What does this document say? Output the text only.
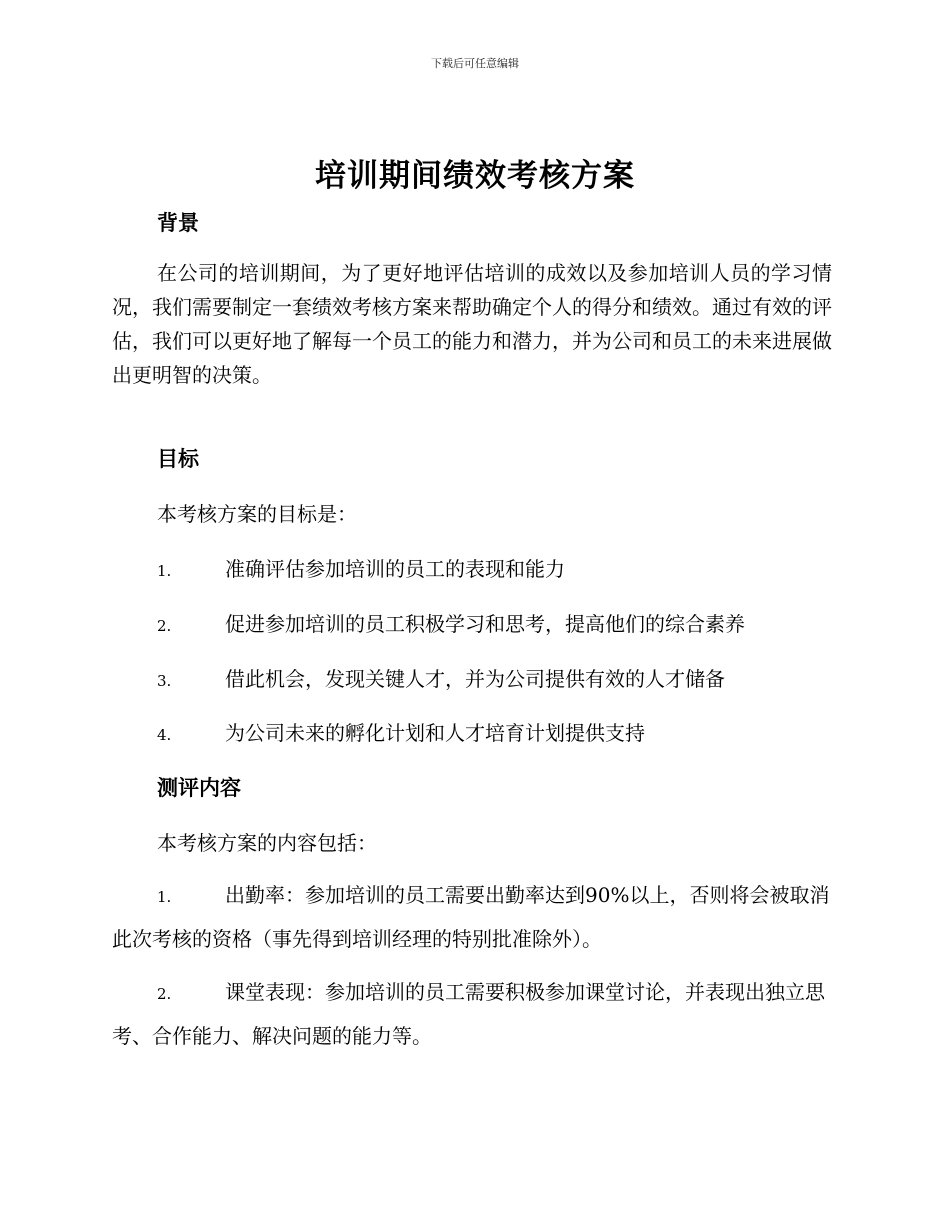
下载后可任意编辑
培训期间绩效考核方案
背景

在公司的培训期间，为了更好地评估培训的成效以及参加培训人员的学习情况，我们需要制定一套绩效考核方案来帮助确定个人的得分和绩效。通过有效的评估，我们可以更好地了解每一个员工的能力和潜力，并为公司和员工的未来进展做出更明智的决策。

目标

本考核方案的目标是：

1.	准确评估参加培训的员工的表现和能力

2.	促进参加培训的员工积极学习和思考，提高他们的综合素养

3.	借此机会，发现关键人才，并为公司提供有效的人才储备

4.	为公司未来的孵化计划和人才培育计划提供支持

测评内容

本考核方案的内容包括：

1.	出勤率：参加培训的员工需要出勤率达到90%以上，否则将会被取消此次考核的资格（事先得到培训经理的特别批准除外）。

2.	课堂表现：参加培训的员工需要积极参加课堂讨论，并表现出独立思考、合作能力、解决问题的能力等。
